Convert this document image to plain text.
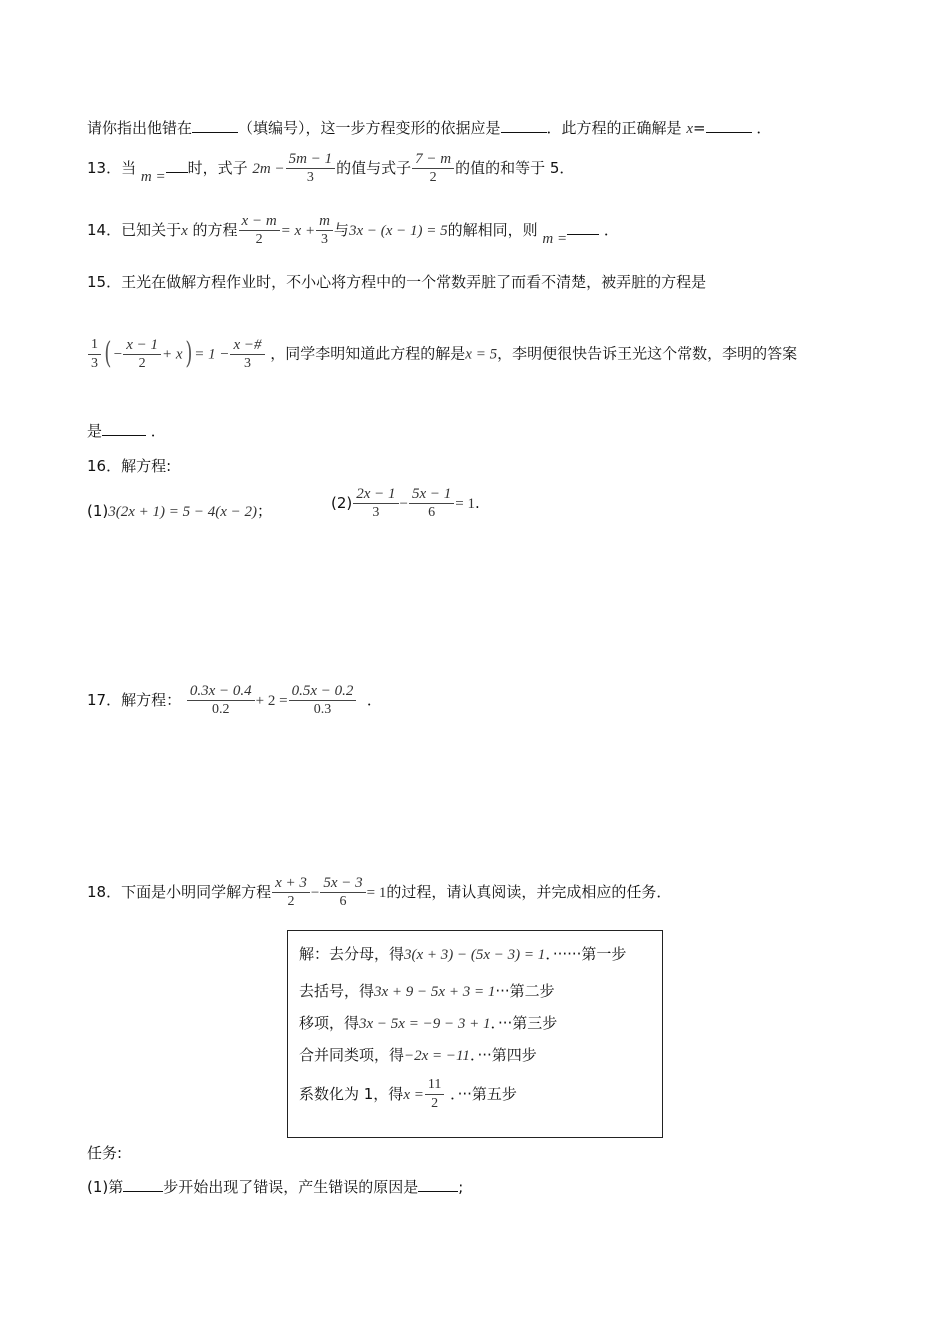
请你指出他错在	（填编号），这一步方程变形的依据应是	．此方程的正确解是 x=	．
13．当 m = 时，式子 $2m - \frac{5m - 1}{3}$ 的值与式子 $\frac{7 - m}{2}$ 的值的和等于 5．
14．已知关于x 的方程 $\frac{x - m}{2} = x + \frac{m}{3}$ 与3x − (x − 1) = 5的解相同，则 m = ．
15．王光在做解方程作业时，不小心将方程中的一个常数弄脏了而看不清楚，被弄脏的方程是
$\frac{1}{3}$ ( − $\frac{x - 1}{2} + x) = 1 - \frac{x -\#}{3}$ ，同学李明知道此方程的解是x = 5，李明便很快告诉王光这个常数，李明的答案
是	．
16．解方程:
(1)3(2x + 1) = 5 − 4(x − 2)；	$(2) \frac{2x - 1}{3} - \frac{5x - 1}{6} = 1$.
17．解方程： $\frac{0.3x - 0.4}{0.2} + 2 = \frac{0.5x - 0.2}{0.3}$ ．
18．下面是小明同学解方程 $\frac{x + 3}{2} - \frac{5x - 3}{6} = 1$的过程，请认真阅读，并完成相应的任务．
解：去分母，得3(x + 3) − (5x − 3) = 1．······第一步
去括号，得3x + 9 − 5x + 3 = 1···第二步
移项，得3x − 5x = −9 − 3 + 1．···第三步
合并同类项，得−2x = −11．···第四步
系数化为 1，得$x = \frac{11}{2}$ ．···第五步
任务:
(1)第	步开始出现了错误，产生错误的原因是	;
